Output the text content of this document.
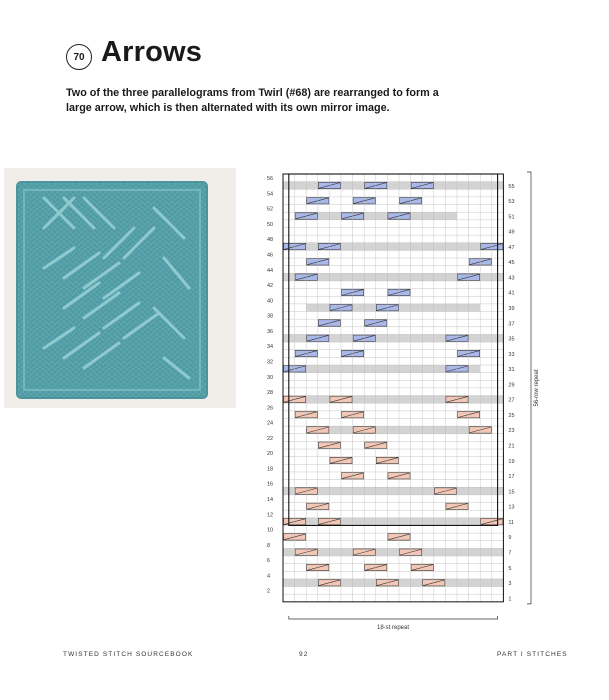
70 Arrows
Two of the three parallelograms from Twirl (#68) are rearranged to form a large arrow, which is then alternated with its own mirror image.
56-row repeat
18-st repeat
56
54
52
50
48
46
44
42
40
38
36
34
32
30
28
26
24
22
20
18
16
14
12
10
8
6
4
2
55
53
51
49
47
45
43
41
39
37
35
33
31
29
27
25
23
21
19
17
15
13
11
9
7
5
3
1
TWISTED STITCH SOURCEBOOK	92	PART I STITCHES
